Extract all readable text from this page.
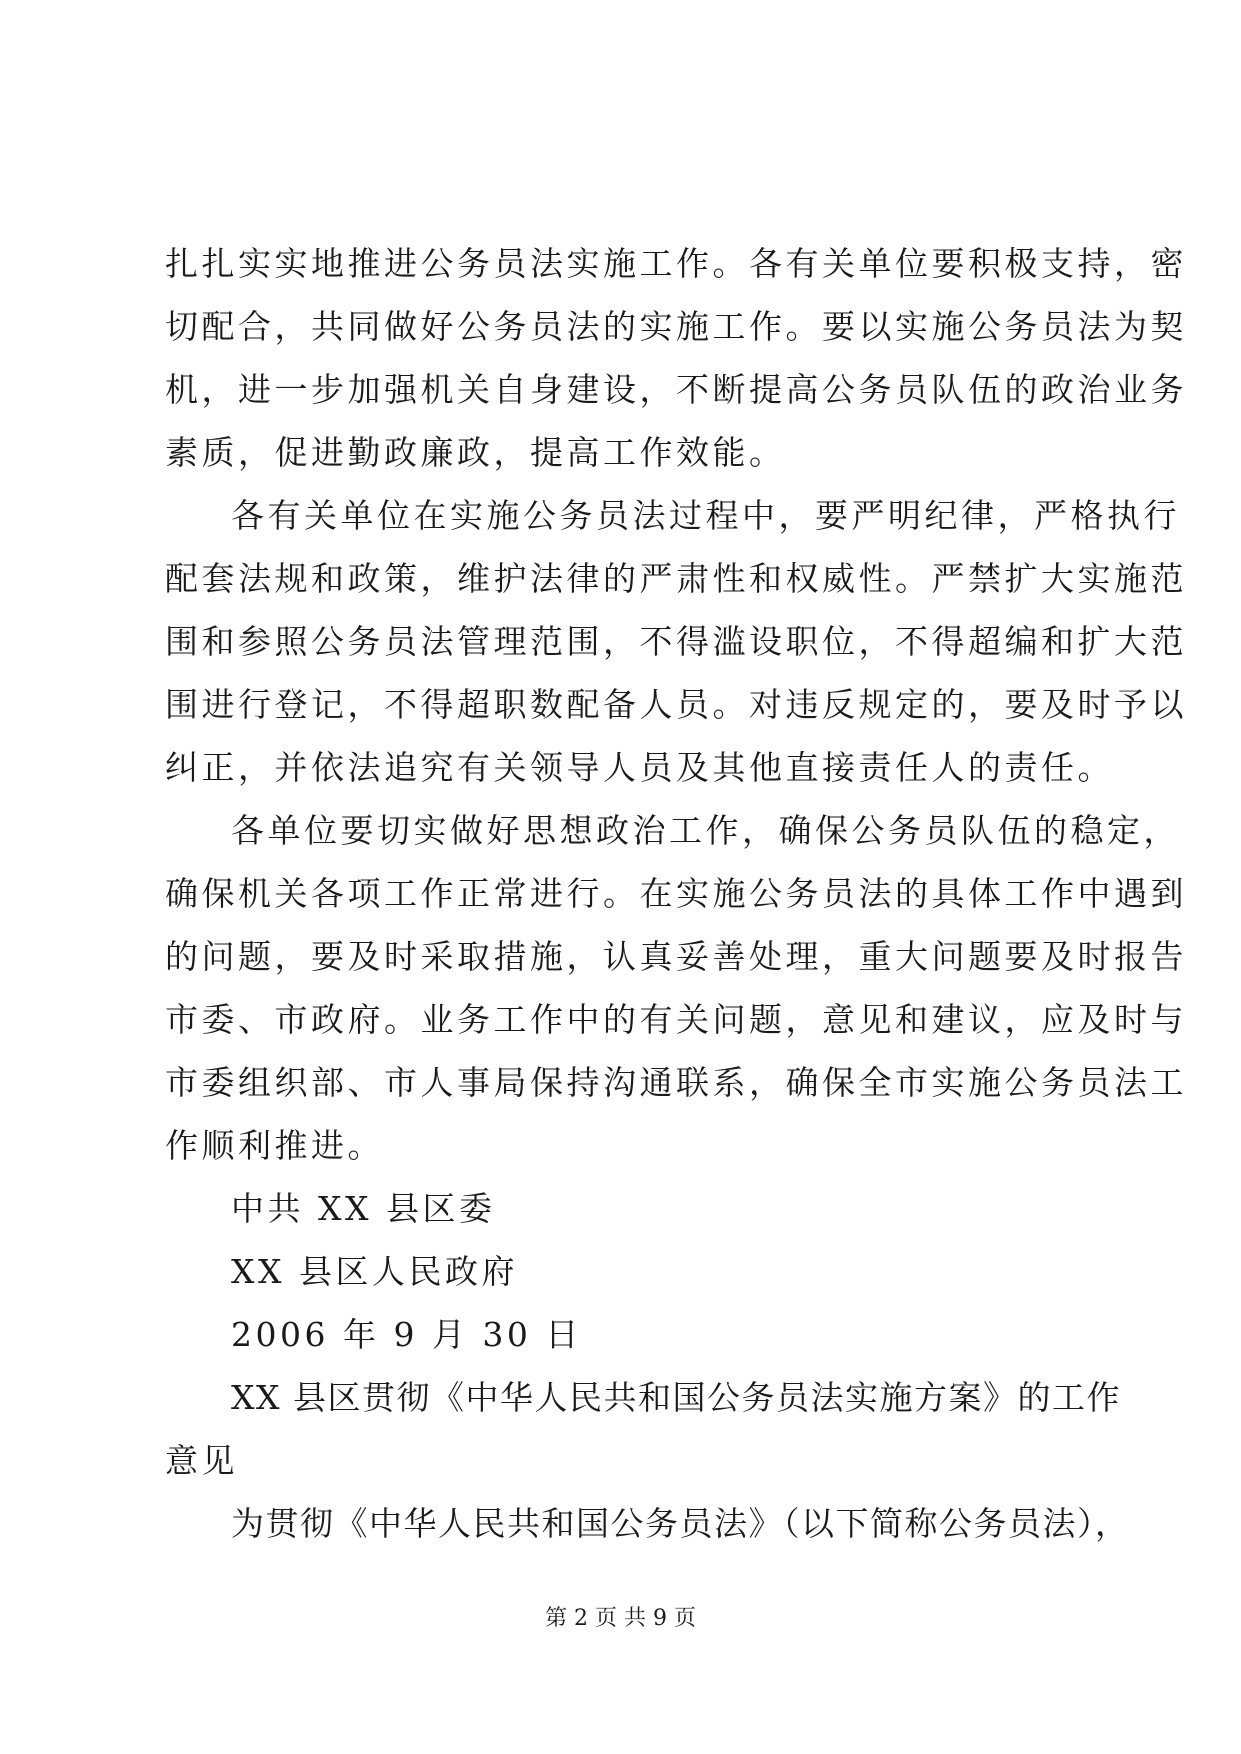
扎扎实实地推进公务员法实施工作。各有关单位要积极支持，密
切配合，共同做好公务员法的实施工作。要以实施公务员法为契
机，进一步加强机关自身建设，不断提高公务员队伍的政治业务
素质，促进勤政廉政，提高工作效能。
各有关单位在实施公务员法过程中，要严明纪律，严格执行
配套法规和政策，维护法律的严肃性和权威性。严禁扩大实施范
围和参照公务员法管理范围，不得滥设职位，不得超编和扩大范
围进行登记，不得超职数配备人员。对违反规定的，要及时予以
纠正，并依法追究有关领导人员及其他直接责任人的责任。
各单位要切实做好思想政治工作，确保公务员队伍的稳定，
确保机关各项工作正常进行。在实施公务员法的具体工作中遇到
的问题，要及时采取措施，认真妥善处理，重大问题要及时报告
市委、市政府。业务工作中的有关问题，意见和建议，应及时与
市委组织部、市人事局保持沟通联系，确保全市实施公务员法工
作顺利推进。
中共 XX 县区委
XX 县区人民政府
2006 年 9 月 30 日
XX 县区贯彻《中华人民共和国公务员法实施方案》的工作
意见
为贯彻《中华人民共和国公务员法》（以下简称公务员法），
第 2 页 共 9 页
